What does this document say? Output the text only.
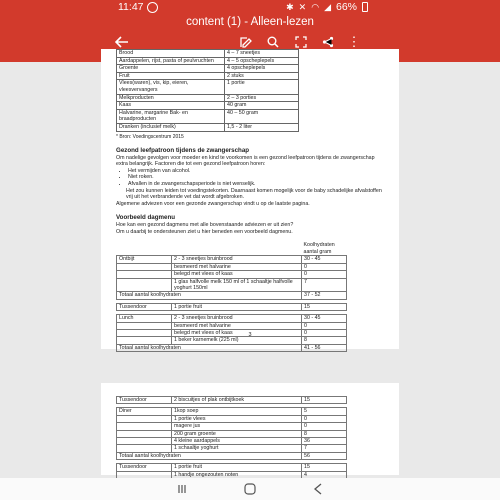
11:47	✱ ✕ ◠ ◢ 66%
content (1) - Alleen-lezen
⋮
Brood	4 – 7 sneetjes
Aardappelen, rijst, pasta of peulvruchten	4 – 5 opscheplepels
Groente	4 opscheplepels
Fruit	2 stuks
Vlees(waren), vis, kip, eieren, vleesvervangers	1 portie
Melkproducten	2 – 3 porties
Kaas	40 gram
Halvarine, margarine Bak- en braadproducten	40 – 50 gram
Dranken (inclusief melk)	1,5 - 2 liter
* Bron: Voedingscentrum 2015
Gezond leefpatroon tijdens de zwangerschap

Om nadelige gevolgen voor moeder en kind te voorkomen is een gezond leefpatroon tijdens de zwangerschap extra belangrijk. Factoren die tot een gezond leefpatroon horen:

• Het vermijden van alcohol.
• Niet roken.
• Afvallen in de zwangerschapsperiode is niet wenselijk.

Het zou kunnen leiden tot voedingstekorten. Daarnaast komen mogelijk voor de baby schadelijke afvalstoffen vrij uit het verbrandende vet dat wordt afgebroken.

Algemene adviezen voor een gezonde zwangerschap vindt u op de laatste pagina.

Voorbeeld dagmenu

Hoe kan een gezond dagmenu met alle bovenstaande adviezen er uit zien?

Om u daarbij te ondersteunen ziet u hier beneden een voorbeeld dagmenu.

		Koolhydraten aantal gram
Ontbijt	2 - 3 sneetjes bruinbrood	30 - 45
	besmeerd met halvarine	0
	belegd met vlees of kaas	0
	1 glas halfvolle melk 150 ml of 1 schaaltje halfvolle yoghurt 150ml	7
Totaal aantal koolhydraten		37 - 52

Tussendoor	1 portie fruit	15

Lunch	2 - 3 sneetjes bruinbrood	30 - 45
	besmeerd met halvarine	0
	belegd met vlees of kaas	0
	1 beker karnemelk (225 ml)	8
Totaal aantal koolhydraten		41 - 56
3
Tussendoor	2 biscuitjes of plak ontbijtkoek	15

Diner	1kop soep	5
	1 portie vlees	0
	magere jus	0
	200 gram groente	8
	4 kleine aardappels	36
	1 schaaltje yoghurt	7
Totaal aantal koolhydraten		56

Tussendoor	1 portie fruit	15
	1 handje ongezouten noten	4
